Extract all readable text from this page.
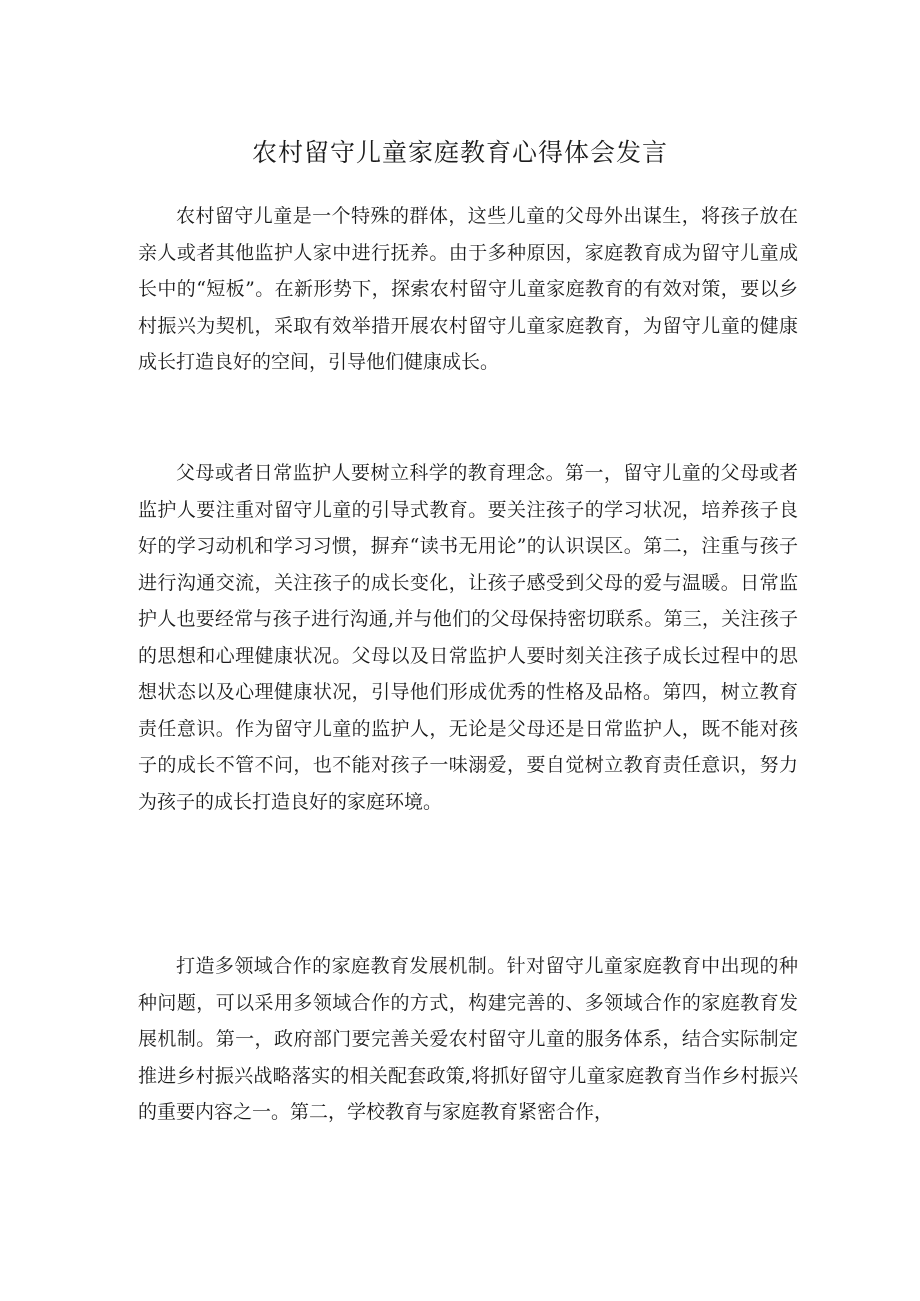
农村留守儿童家庭教育心得体会发言

农村留守儿童是一个特殊的群体，这些儿童的父母外出谋生，将孩子放在亲人或者其他监护人家中进行抚养。由于多种原因，家庭教育成为留守儿童成长中的“短板”。在新形势下，探索农村留守儿童家庭教育的有效对策，要以乡村振兴为契机，采取有效举措开展农村留守儿童家庭教育，为留守儿童的健康成长打造良好的空间，引导他们健康成长。

父母或者日常监护人要树立科学的教育理念。第一，留守儿童的父母或者监护人要注重对留守儿童的引导式教育。要关注孩子的学习状况，培养孩子良好的学习动机和学习习惯，摒弃“读书无用论”的认识误区。第二，注重与孩子进行沟通交流，关注孩子的成长变化，让孩子感受到父母的爱与温暖。日常监护人也要经常与孩子进行沟通,并与他们的父母保持密切联系。第三，关注孩子的思想和心理健康状况。父母以及日常监护人要时刻关注孩子成长过程中的思想状态以及心理健康状况，引导他们形成优秀的性格及品格。第四，树立教育责任意识。作为留守儿童的监护人，无论是父母还是日常监护人，既不能对孩子的成长不管不问，也不能对孩子一味溺爱，要自觉树立教育责任意识，努力为孩子的成长打造良好的家庭环境。

打造多领域合作的家庭教育发展机制。针对留守儿童家庭教育中出现的种种问题，可以采用多领域合作的方式，构建完善的、多领域合作的家庭教育发展机制。第一，政府部门要完善关爱农村留守儿童的服务体系，结合实际制定推进乡村振兴战略落实的相关配套政策,将抓好留守儿童家庭教育当作乡村振兴的重要内容之一。第二，学校教育与家庭教育紧密合作，
